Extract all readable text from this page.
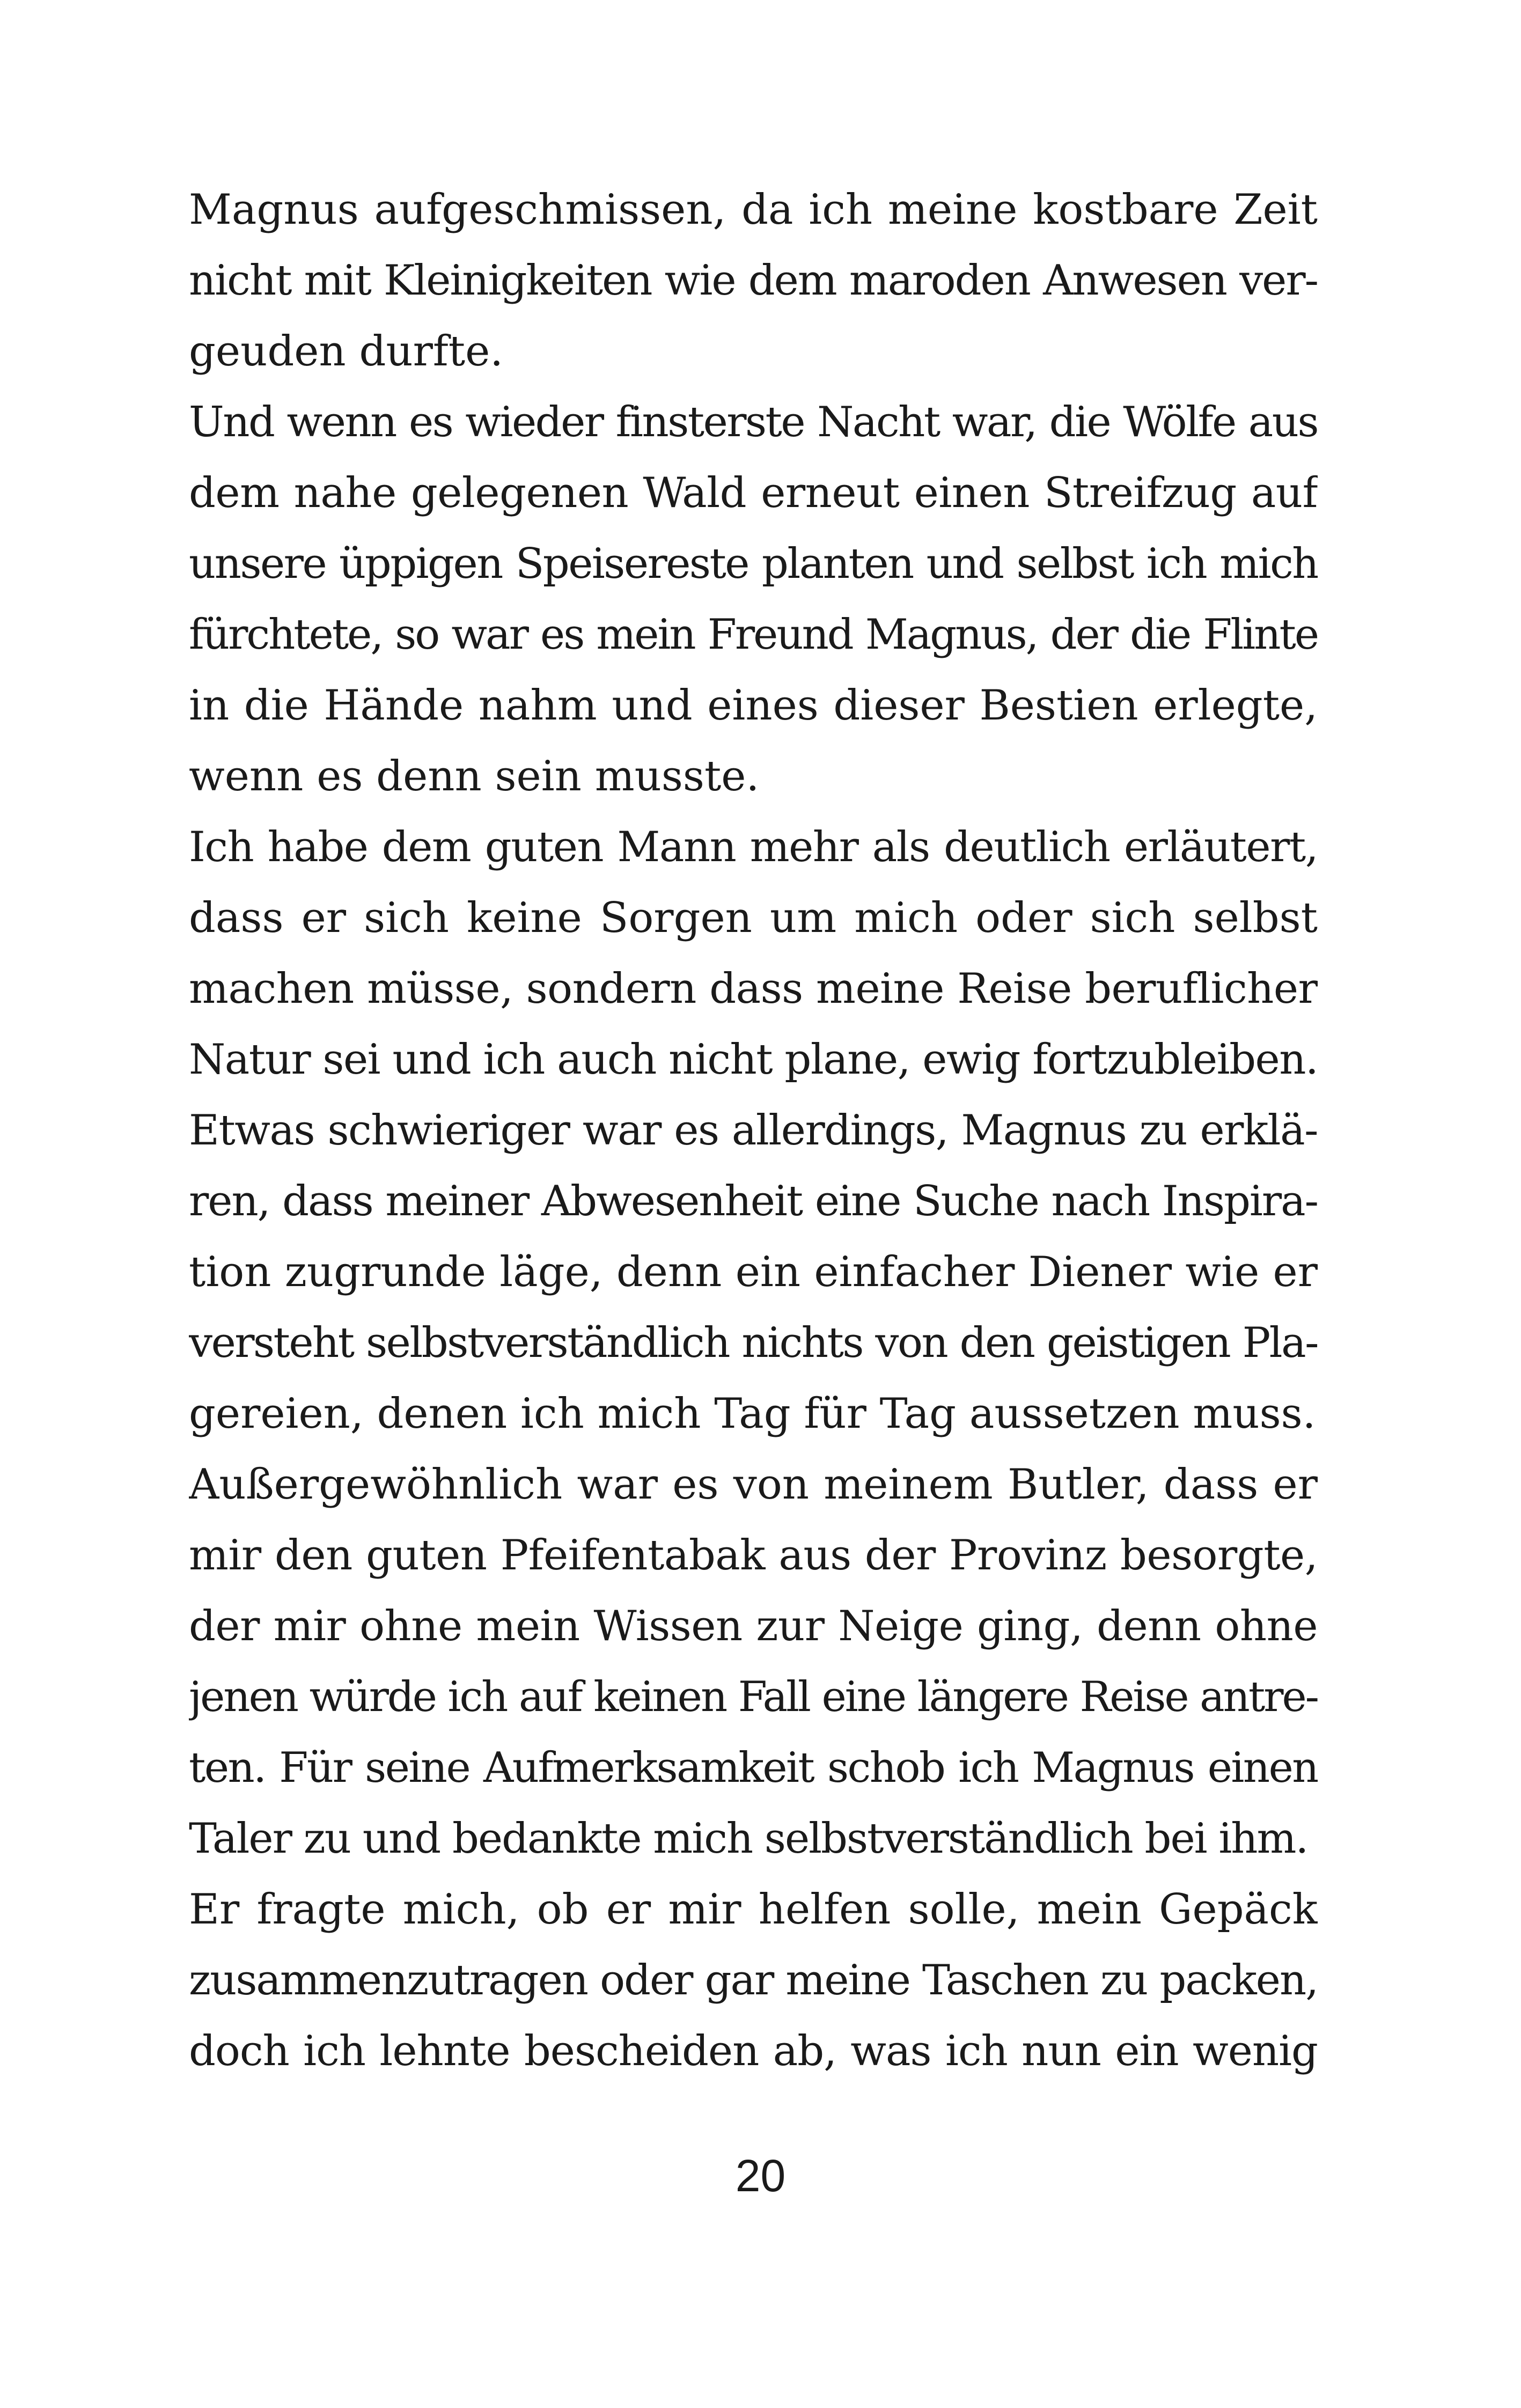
Magnus aufgeschmissen, da ich meine kostbare Zeit
nicht mit Kleinigkeiten wie dem maroden Anwesen ver-
geuden durfte.
Und wenn es wieder finsterste Nacht war, die Wölfe aus
dem nahe gelegenen Wald erneut einen Streifzug auf
unsere üppigen Speisereste planten und selbst ich mich
fürchtete, so war es mein Freund Magnus, der die Flinte
in die Hände nahm und eines dieser Bestien erlegte,
wenn es denn sein musste.
Ich habe dem guten Mann mehr als deutlich erläutert,
dass er sich keine Sorgen um mich oder sich selbst
machen müsse, sondern dass meine Reise beruflicher
Natur sei und ich auch nicht plane, ewig fortzubleiben.
Etwas schwieriger war es allerdings, Magnus zu erklä-
ren, dass meiner Abwesenheit eine Suche nach Inspira-
tion zugrunde läge, denn ein einfacher Diener wie er
versteht selbstverständlich nichts von den geistigen Pla-
gereien, denen ich mich Tag für Tag aussetzen muss.
Außergewöhnlich war es von meinem Butler, dass er
mir den guten Pfeifentabak aus der Provinz besorgte,
der mir ohne mein Wissen zur Neige ging, denn ohne
jenen würde ich auf keinen Fall eine längere Reise antre-
ten. Für seine Aufmerksamkeit schob ich Magnus einen
Taler zu und bedankte mich selbstverständlich bei ihm.
Er fragte mich, ob er mir helfen solle, mein Gepäck
zusammenzutragen oder gar meine Taschen zu packen,
doch ich lehnte bescheiden ab, was ich nun ein wenig
20
